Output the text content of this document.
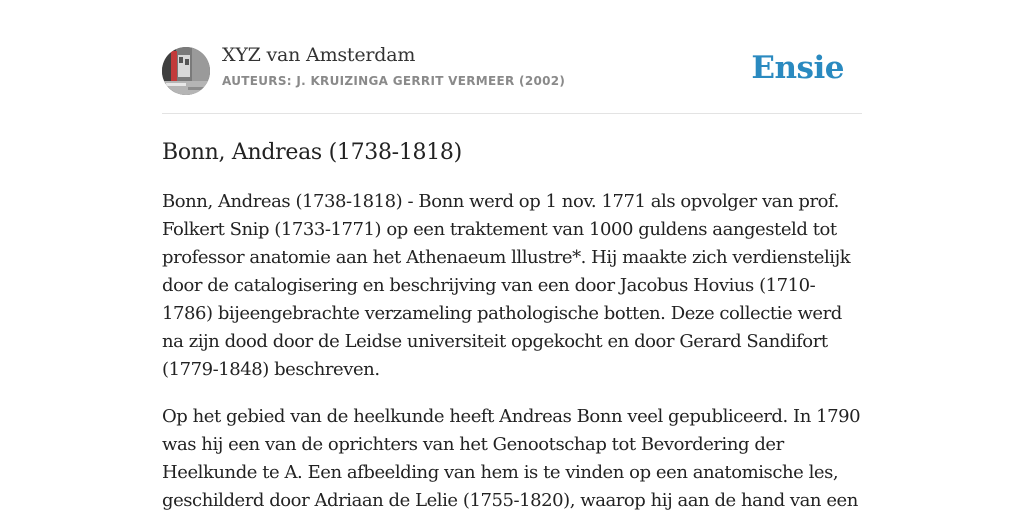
XYZ van Amsterdam
AUTEURS: J. KRUIZINGA GERRIT VERMEER (2002)	Ensie
Bonn, Andreas (1738-1818)

Bonn, Andreas (1738-1818) - Bonn werd op 1 nov. 1771 als opvolger van prof. Folkert Snip (1733-1771) op een traktement van 1000 guldens aangesteld tot professor anatomie aan het Athenaeum lllustre*. Hij maakte zich verdienstelijk door de catalogisering en beschrijving van een door Jacobus Hovius (1710-1786) bijeengebrachte verzameling pathologische botten. Deze collectie werd na zijn dood door de Leidse universiteit opgekocht en door Gerard Sandifort (1779-1848) beschreven.

Op het gebied van de heelkunde heeft Andreas Bonn veel gepubliceerd. In 1790 was hij een van de oprichters van het Genootschap tot Bevordering der Heelkunde te A. Een afbeelding van hem is te vinden op een anatomische les, geschilderd door Adriaan de Lelie (1755-1820), waarop hij aan de hand van een
